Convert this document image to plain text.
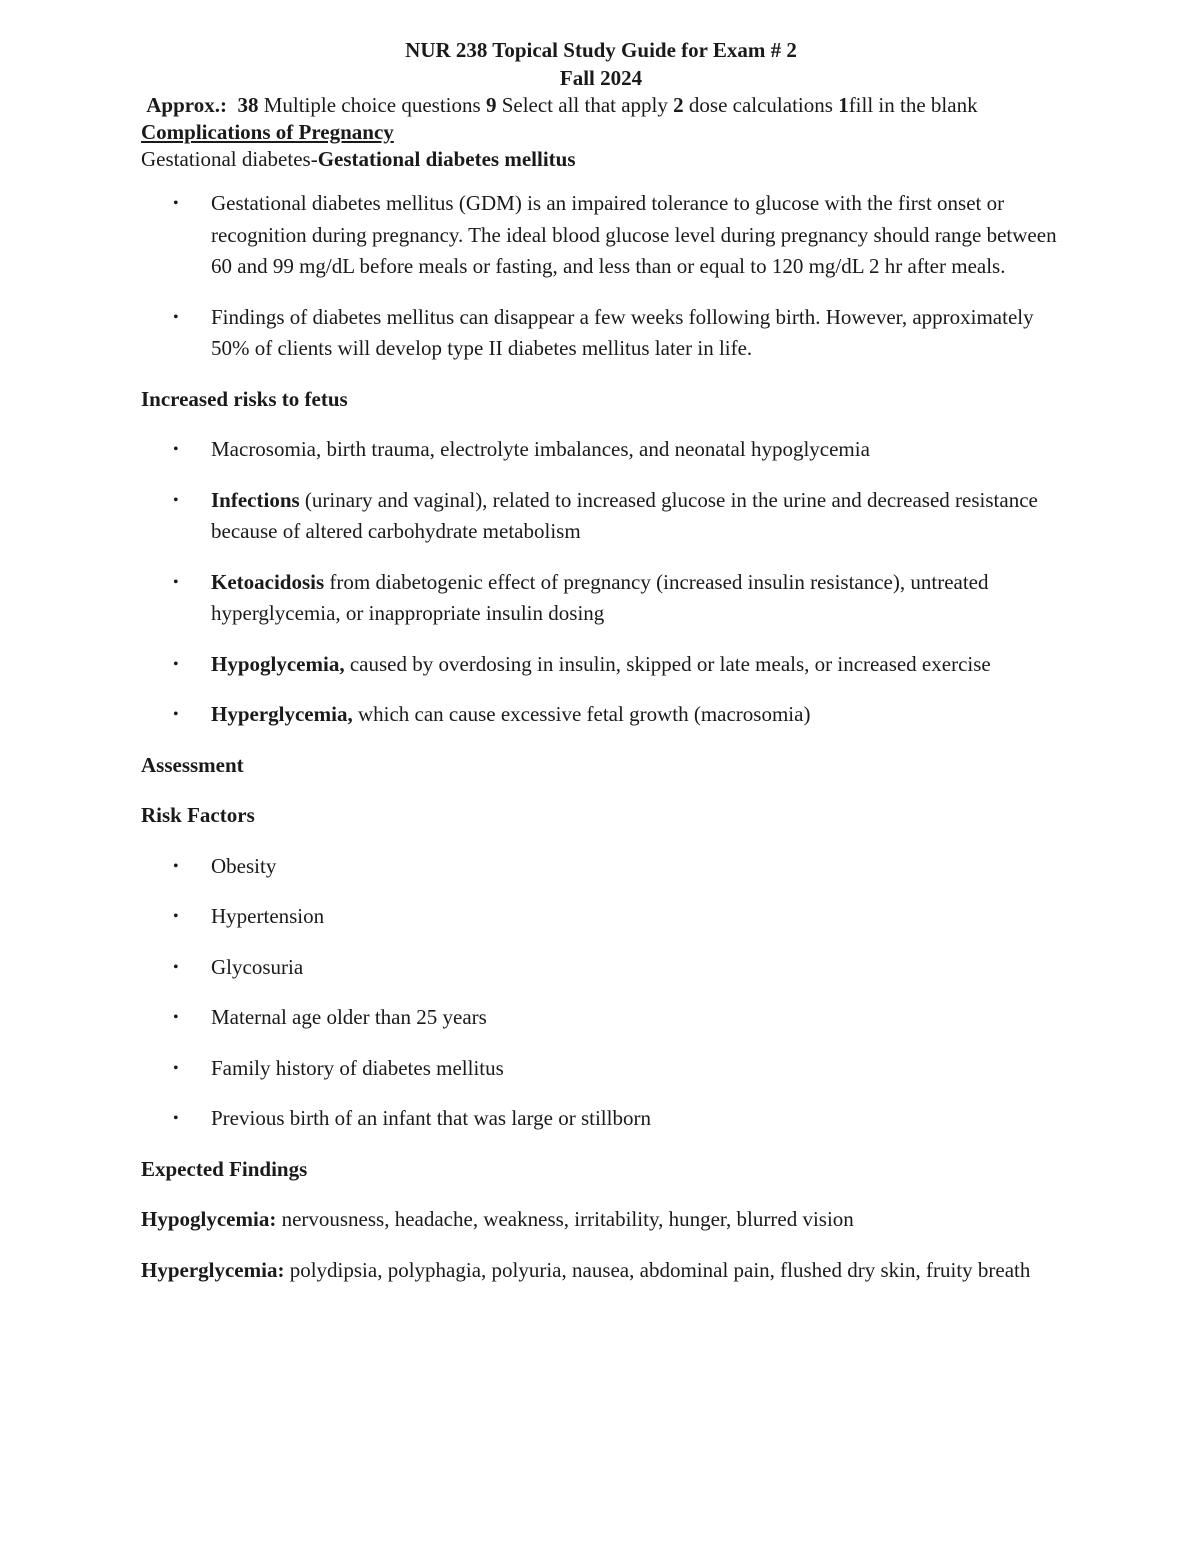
NUR 238 Topical Study Guide for Exam # 2
Fall 2024
Approx.: 38 Multiple choice questions 9 Select all that apply 2 dose calculations 1fill in the blank
Complications of Pregnancy
Gestational diabetes-Gestational diabetes mellitus
• Gestational diabetes mellitus (GDM) is an impaired tolerance to glucose with the first onset or recognition during pregnancy. The ideal blood glucose level during pregnancy should range between 60 and 99 mg/dL before meals or fasting, and less than or equal to 120 mg/dL 2 hr after meals.
• Findings of diabetes mellitus can disappear a few weeks following birth. However, approximately 50% of clients will develop type II diabetes mellitus later in life.
Increased risks to fetus
• Macrosomia, birth trauma, electrolyte imbalances, and neonatal hypoglycemia
• Infections (urinary and vaginal), related to increased glucose in the urine and decreased resistance because of altered carbohydrate metabolism
• Ketoacidosis from diabetogenic effect of pregnancy (increased insulin resistance), untreated hyperglycemia, or inappropriate insulin dosing
• Hypoglycemia, caused by overdosing in insulin, skipped or late meals, or increased exercise
• Hyperglycemia, which can cause excessive fetal growth (macrosomia)
Assessment
Risk Factors
• Obesity
• Hypertension
• Glycosuria
• Maternal age older than 25 years
• Family history of diabetes mellitus
• Previous birth of an infant that was large or stillborn
Expected Findings
Hypoglycemia: nervousness, headache, weakness, irritability, hunger, blurred vision
Hyperglycemia: polydipsia, polyphagia, polyuria, nausea, abdominal pain, flushed dry skin, fruity breath
